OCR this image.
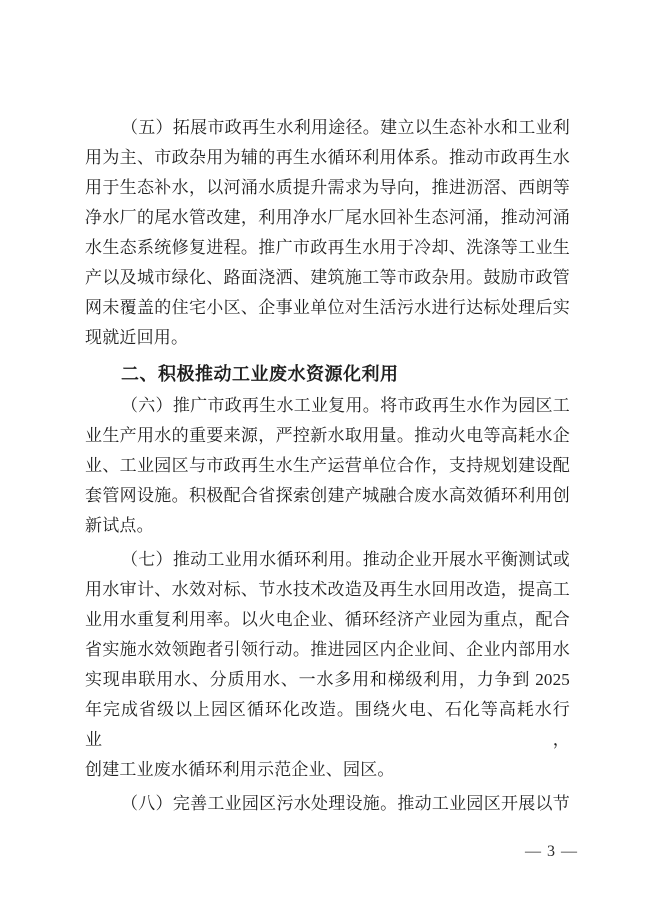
（五）拓展市政再生水利用途径。建立以生态补水和工业利
用为主、市政杂用为辅的再生水循环利用体系。推动市政再生水
用于生态补水，以河涌水质提升需求为导向，推进沥滘、西朗等
净水厂的尾水管改建，利用净水厂尾水回补生态河涌，推动河涌
水生态系统修复进程。推广市政再生水用于冷却、洗涤等工业生
产以及城市绿化、路面浇洒、建筑施工等市政杂用。鼓励市政管
网未覆盖的住宅小区、企事业单位对生活污水进行达标处理后实
现就近回用。
二、积极推动工业废水资源化利用
（六）推广市政再生水工业复用。将市政再生水作为园区工
业生产用水的重要来源，严控新水取用量。推动火电等高耗水企
业、工业园区与市政再生水生产运营单位合作，支持规划建设配
套管网设施。积极配合省探索创建产城融合废水高效循环利用创
新试点。
（七）推动工业用水循环利用。推动企业开展水平衡测试或
用水审计、水效对标、节水技术改造及再生水回用改造，提高工
业用水重复利用率。以火电企业、循环经济产业园为重点，配合
省实施水效领跑者引领行动。推进园区内企业间、企业内部用水
实现串联用水、分质用水、一水多用和梯级利用，力争到 2025
年完成省级以上园区循环化改造。围绕火电、石化等高耗水行业，
创建工业废水循环利用示范企业、园区。
（八）完善工业园区污水处理设施。推动工业园区开展以节
— 3 —
